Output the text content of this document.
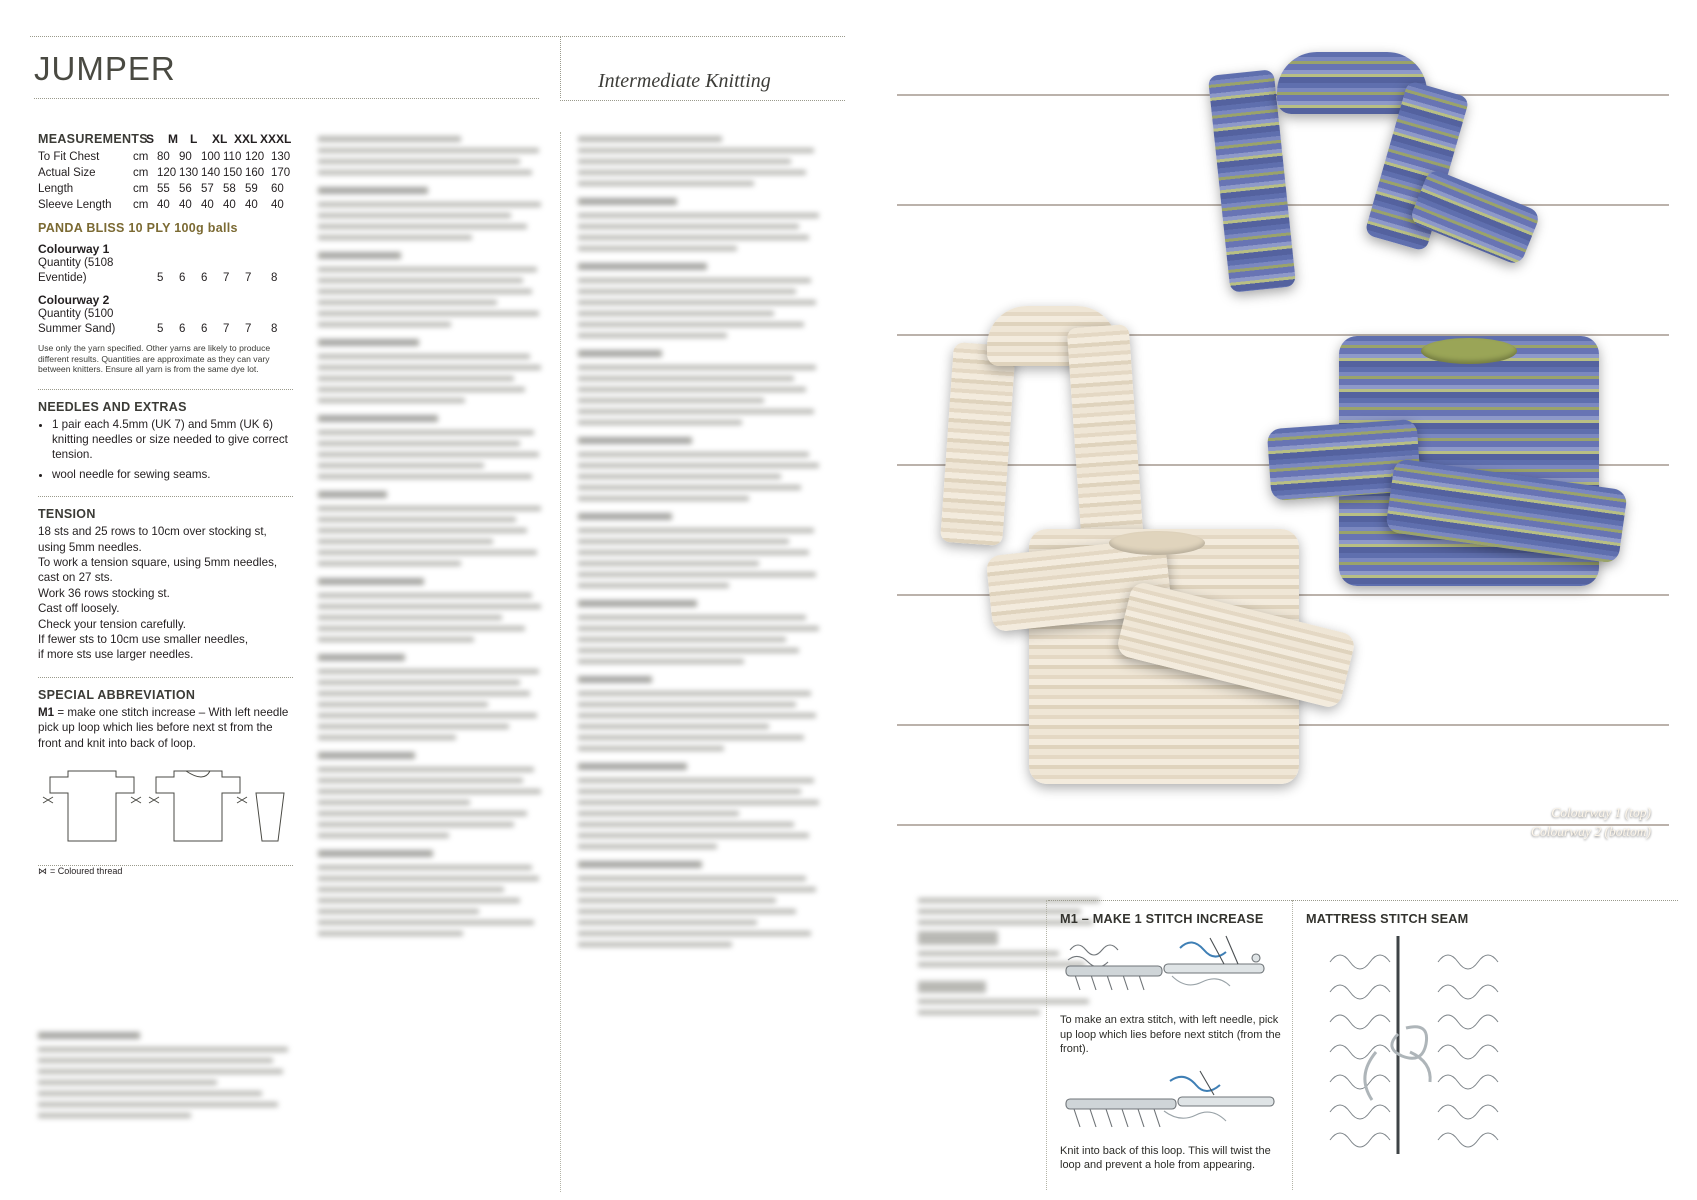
JUMPER	Intermediate Knitting
MEASUREMENTS
S	M	L	XL XXL XXXL
To Fit Chest	cm 80 90 100 110 120 130
Actual Size	cm 120 130 140 150 160 170
Length	cm 55 56 57 58 59	60
Sleeve Length	cm 40 40 40 40 40	40
PANDA BLISS 10 PLY 100g balls
Colourway 1
Quantity (5108
Eventide)	5	6	6	7	7	8
Colourway 2
Quantity (5100
Summer Sand)	5	6	6	7	7	8
Use only the yarn specified. Other yarns are likely to produce different results. Quantities are approximate as they can vary between knitters. Ensure all yarn is from the same dye lot.
NEEDLES AND EXTRAS
• 1 pair each 4.5mm (UK 7) and 5mm (UK 6) knitting needles or size needed to give correct tension.
• wool needle for sewing seams.
TENSION
18 sts and 25 rows to 10cm over stocking st, using 5mm needles.
To work a tension square, using 5mm needles, cast on 27 sts.
Work 36 rows stocking st.
Cast off loosely.
Check your tension carefully.
If fewer sts to 10cm use smaller needles,
if more sts use larger needles.
SPECIAL ABBREVIATION
M1 = make one stitch increase – With left needle pick up loop which lies before next st from the front and knit into back of loop.
⋈  = Coloured thread
Colourway 1 (top)
Colourway 2 (bottom)
M1 – MAKE 1 STITCH INCREASE
To make an extra stitch, with left needle, pick up loop which lies before next stitch (from the front).
Knit into back of this loop. This will twist the loop and prevent a hole from appearing.
MATTRESS STITCH SEAM
